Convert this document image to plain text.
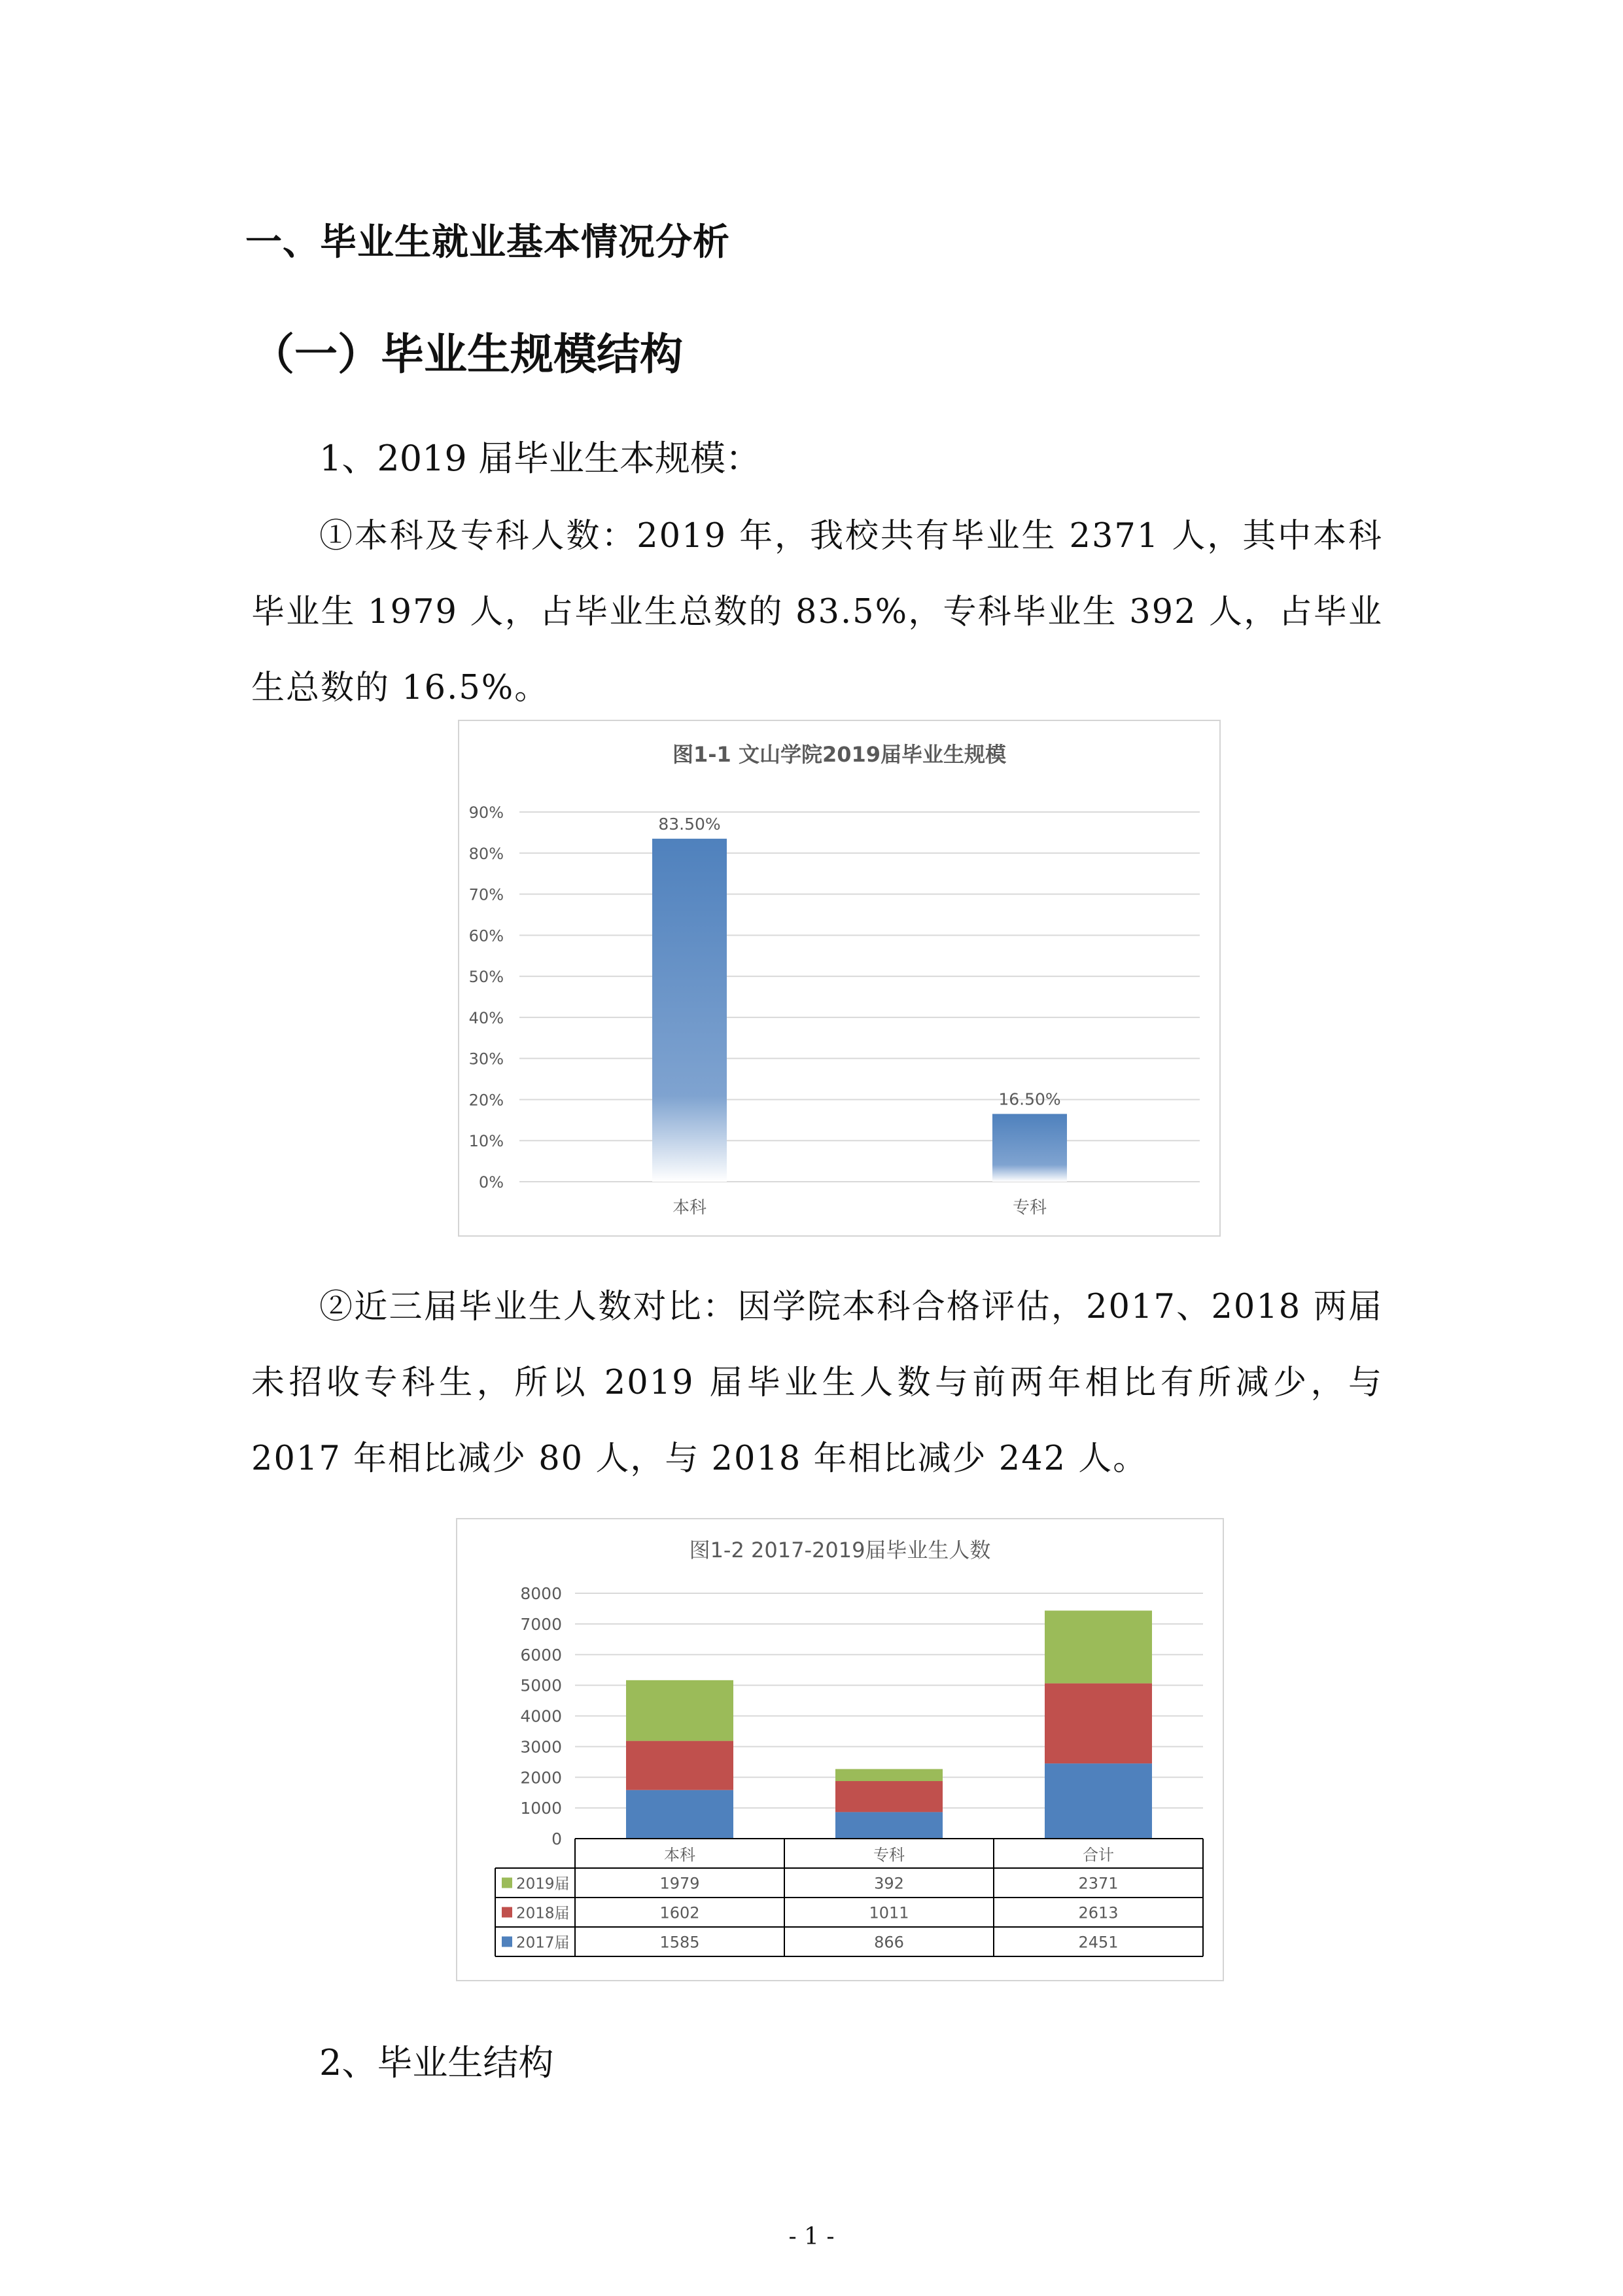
一、毕业生就业基本情况分析
（一）毕业生规模结构
1、2019 届毕业生本规模：

①本科及专科人数：2019 年，我校共有毕业生 2371 人，其中本科毕业生 1979 人，占毕业生总数的 83.5%，专科毕业生 392 人，占毕业生总数的 16.5%。

图1-1 文山学院2019届毕业生规模
0%
10%
20%
30%
40%
50%
60%
70%
80%
90%
83.50%
本科
16.50%
专科

②近三届毕业生人数对比：因学院本科合格评估，2017、2018 两届未招收专科生，所以 2019 届毕业生人数与前两年相比有所减少，与 2017 年相比减少 80 人，与 2018 年相比减少 242 人。

图1-2 2017-2019届毕业生人数
0
1000
2000
3000
4000
5000
6000
7000
8000
本科	专科	合计
2019届	1979	392	2371
2018届	1602	1011	2613
2017届	1585	866	2451
2、毕业生结构
- 1 -
